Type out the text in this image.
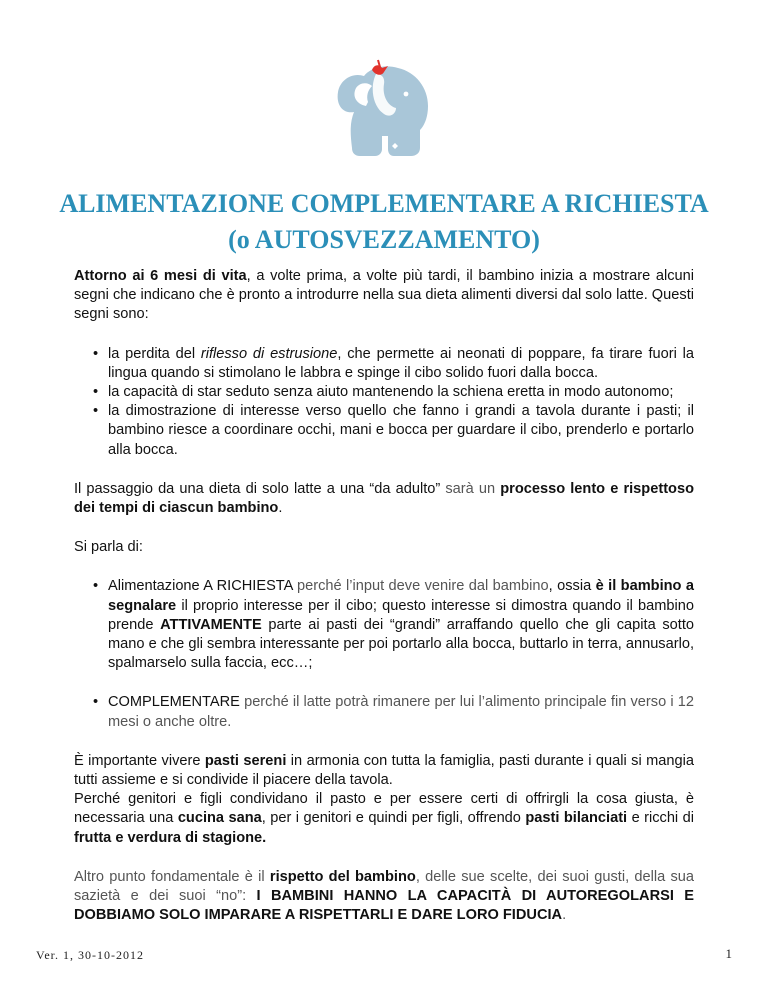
ALIMENTAZIONE COMPLEMENTARE A RICHIESTA
(o AUTOSVEZZAMENTO)

Attorno ai 6 mesi di vita, a volte prima, a volte più tardi, il bambino inizia a mostrare alcuni segni che indicano che è pronto a introdurre nella sua dieta alimenti diversi dal solo latte. Questi segni sono:

• la perdita del riflesso di estrusione, che permette ai neonati di poppare, fa tirare fuori la lingua quando si stimolano le labbra e spinge il cibo solido fuori dalla bocca.
• la capacità di star seduto senza aiuto mantenendo la schiena eretta in modo autonomo;
• la dimostrazione di interesse verso quello che fanno i grandi a tavola durante i pasti; il bambino riesce a coordinare occhi, mani e bocca per guardare il cibo, prenderlo e portarlo alla bocca.

Il passaggio da una dieta di solo latte a una “da adulto” sarà un processo lento e rispettoso dei tempi di ciascun bambino.

Si parla di:

• Alimentazione A RICHIESTA perché l’input deve venire dal bambino, ossia è il bambino a segnalare il proprio interesse per il cibo; questo interesse si dimostra quando il bambino prende ATTIVAMENTE parte ai pasti dei “grandi” arraffando quello che gli capita sotto mano e che gli sembra interessante per poi portarlo alla bocca, buttarlo in terra, annusarlo, spalmarselo sulla faccia, ecc…;
• COMPLEMENTARE perché il latte potrà rimanere per lui l’alimento principale fin verso i 12 mesi o anche oltre.

È importante vivere pasti sereni in armonia con tutta la famiglia, pasti durante i quali si mangia tutti assieme e si condivide il piacere della tavola.

Perché genitori e figli condividano il pasto e per essere certi di offrirgli la cosa giusta, è necessaria una cucina sana, per i genitori e quindi per figli, offrendo pasti bilanciati e ricchi di frutta e verdura di stagione.

Altro punto fondamentale è il rispetto del bambino, delle sue scelte, dei suoi gusti, della sua sazietà e dei suoi “no”: I BAMBINI HANNO LA CAPACITÀ DI AUTOREGOLARSI E DOBBIAMO SOLO IMPARARE A RISPETTARLI E DARE LORO FIDUCIA.

Ver. 1, 30-10-2012	1
